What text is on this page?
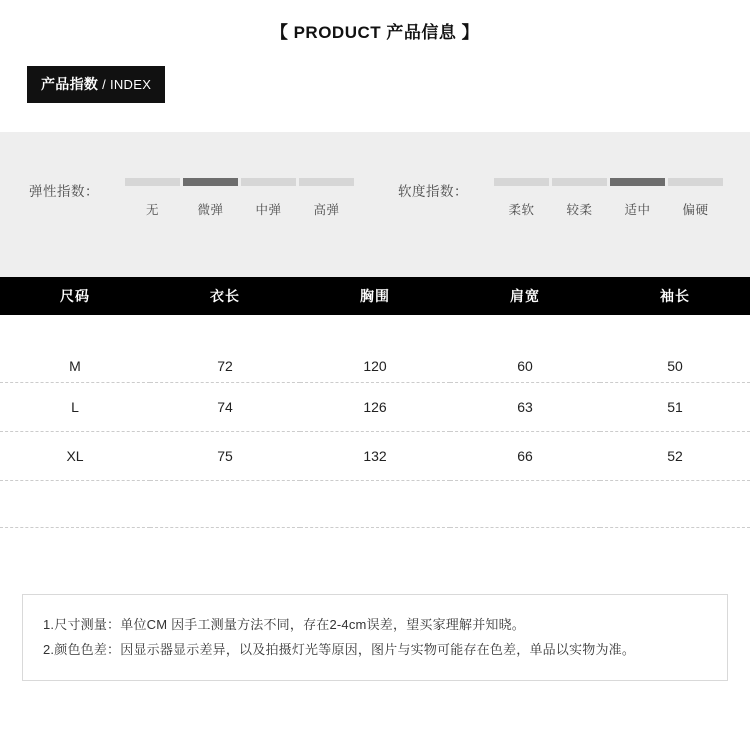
【 PRODUCT 产品信息 】
产品指数 / INDEX
弹性指数：
无	微弹	中弹	高弹
软度指数：
柔软	较柔	适中	偏硬
尺码	衣长	胸围	肩宽	袖长
M	72	120	60	50
L	74	126	63	51
XL	75	132	66	52

1.尺寸测量：单位CM 因手工测量方法不同，存在2-4cm误差，望买家理解并知晓。
2.颜色色差：因显示器显示差异，以及拍摄灯光等原因，图片与实物可能存在色差，单品以实物为准。
